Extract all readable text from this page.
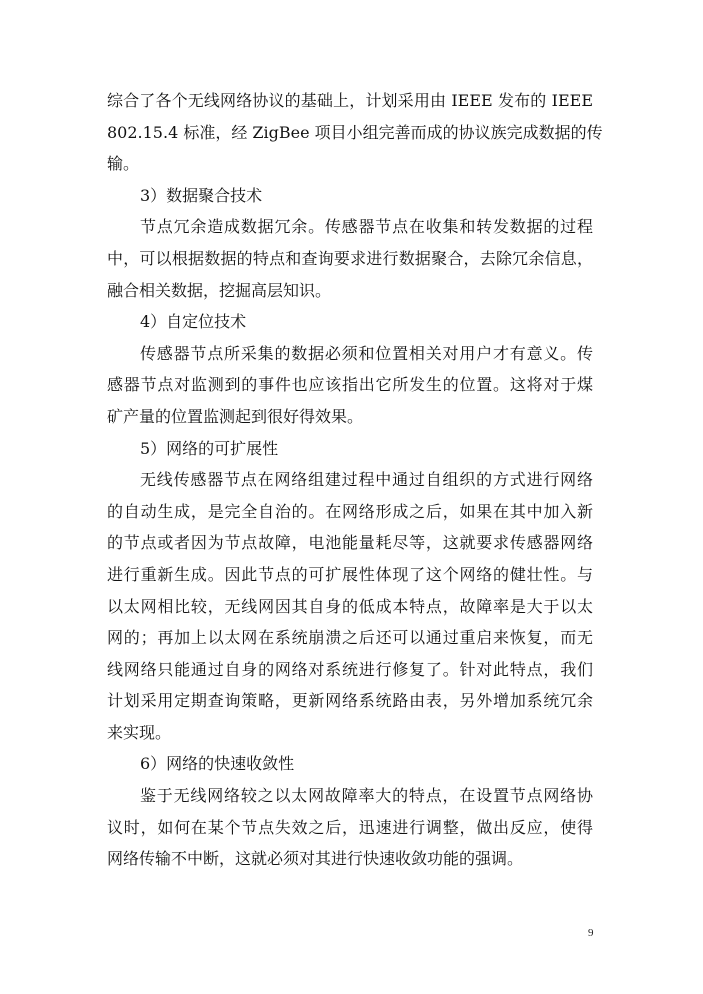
综合了各个无线网络协议的基础上，计划采用由 IEEE 发布的 IEEE
802.15.4 标准，经 ZigBee 项目小组完善而成的协议族完成数据的传
输。
3）数据聚合技术
节点冗余造成数据冗余。传感器节点在收集和转发数据的过程
中，可以根据数据的特点和查询要求进行数据聚合，去除冗余信息，
融合相关数据，挖掘高层知识。
4）自定位技术
传感器节点所采集的数据必须和位置相关对用户才有意义。传
感器节点对监测到的事件也应该指出它所发生的位置。这将对于煤
矿产量的位置监测起到很好得效果。
5）网络的可扩展性
无线传感器节点在网络组建过程中通过自组织的方式进行网络
的自动生成，是完全自治的。在网络形成之后，如果在其中加入新
的节点或者因为节点故障，电池能量耗尽等，这就要求传感器网络
进行重新生成。因此节点的可扩展性体现了这个网络的健壮性。与
以太网相比较，无线网因其自身的低成本特点，故障率是大于以太
网的；再加上以太网在系统崩溃之后还可以通过重启来恢复，而无
线网络只能通过自身的网络对系统进行修复了。针对此特点，我们
计划采用定期查询策略，更新网络系统路由表，另外增加系统冗余
来实现。
6）网络的快速收敛性
鉴于无线网络较之以太网故障率大的特点，在设置节点网络协
议时，如何在某个节点失效之后，迅速进行调整，做出反应，使得
网络传输不中断，这就必须对其进行快速收敛功能的强调。
9
